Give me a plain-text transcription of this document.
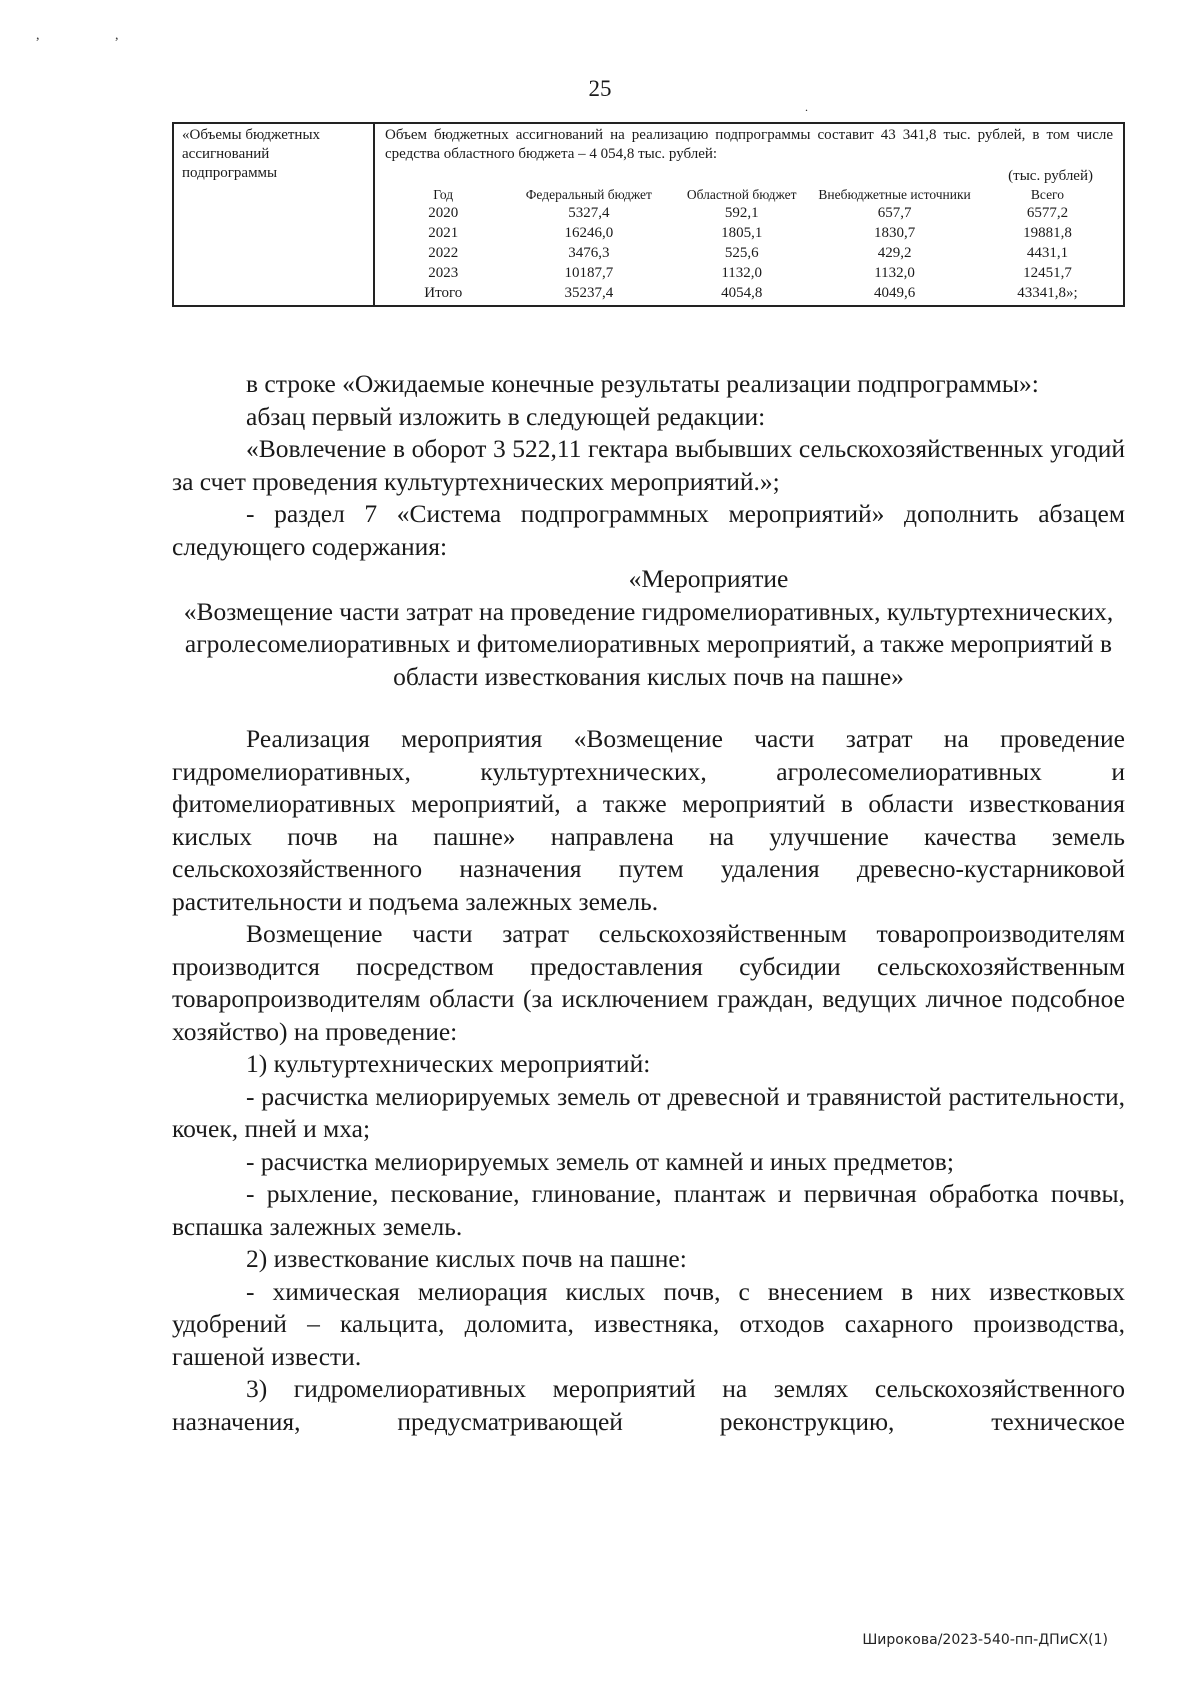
, ,
25
.
«Объемы бюджетных ассигнований подпрограммы	
Объем бюджетных ассигнований на реализацию подпрограммы составит 43 341,8 тыс. рублей, в том числе средства областного бюджета – 4 054,8 тыс. рублей:
(тыс. рублей)
Год	Федеральный бюджет	Областной бюджет	Внебюджетные источники	Всего
2020	5327,4	592,1	657,7	6577,2
2021	16246,0	1805,1	1830,7	19881,8
2022	3476,3	525,6	429,2	4431,1
2023	10187,7	1132,0	1132,0	12451,7
Итого	35237,4	4054,8	4049,6	43341,8»;

в строке «Ожидаемые конечные результаты реализации подпрограммы»:

абзац первый изложить в следующей редакции:

«Вовлечение в оборот 3 522,11 гектара выбывших сельскохозяйственных угодий за счет проведения культуртехнических мероприятий.»;

- раздел 7 «Система подпрограммных мероприятий» дополнить абзацем следующего содержания:

«Мероприятие

«Возмещение части затрат на проведение гидромелиоративных, культуртехнических, агролесомелиоративных и фитомелиоративных мероприятий, а также мероприятий в области известкования кислых почв на пашне»

Реализация мероприятия «Возмещение части затрат на проведение гидромелиоративных, культуртехнических, агролесомелиоративных и фитомелиоративных мероприятий, а также мероприятий в области известкования кислых почв на пашне» направлена на улучшение качества земель сельскохозяйственного назначения путем удаления древесно-кустарниковой растительности и подъема залежных земель.

Возмещение части затрат сельскохозяйственным товаропроизводителям производится посредством предоставления субсидии сельскохозяйственным товаропроизводителям области (за исключением граждан, ведущих личное подсобное хозяйство) на проведение:

1) культуртехнических мероприятий:

- расчистка мелиорируемых земель от древесной и травянистой растительности, кочек, пней и мха;

- расчистка мелиорируемых земель от камней и иных предметов;

- рыхление, пескование, глинование, плантаж и первичная обработка почвы, вспашка залежных земель.

2) известкование кислых почв на пашне:

- химическая мелиорация кислых почв, с внесением в них известковых удобрений – кальцита, доломита, известняка, отходов сахарного производства, гашеной извести.

3) гидромелиоративных мероприятий на землях сельскохозяйственного назначения, предусматривающей реконструкцию, техническое

Широкова/2023-540-пп-ДПиСХ(1)
